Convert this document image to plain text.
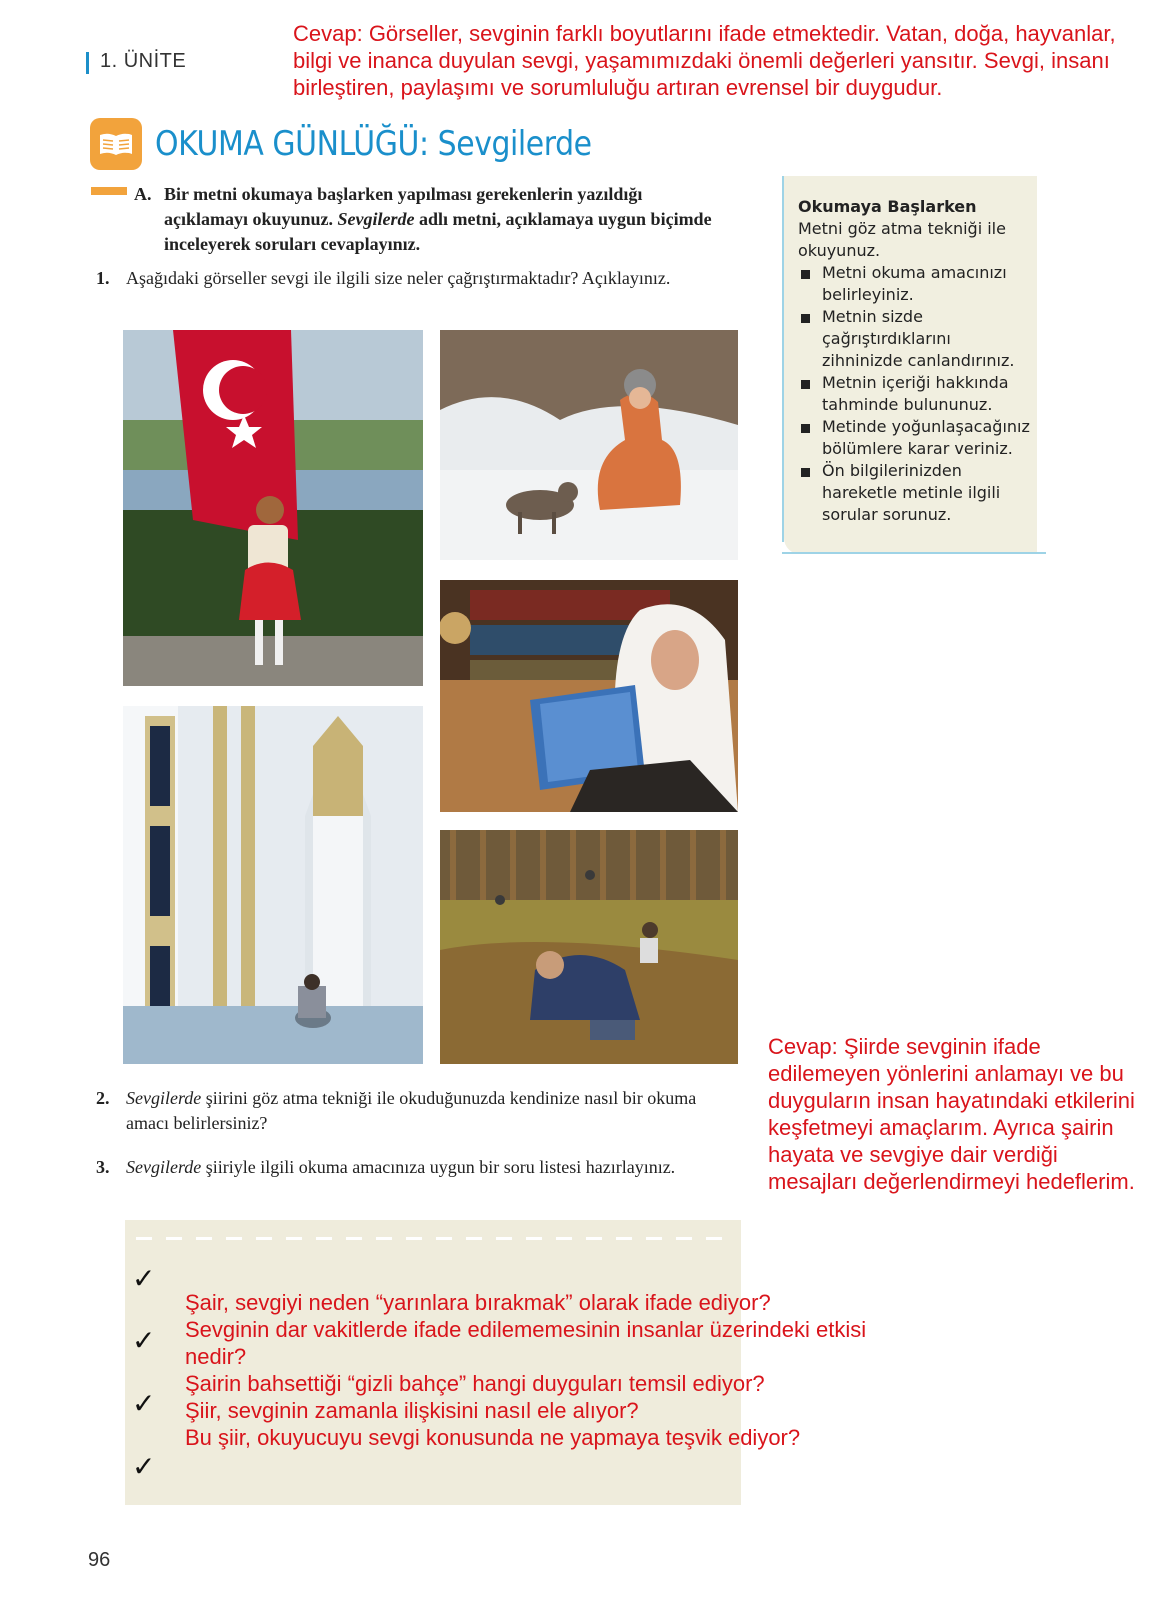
1. ÜNİTE
Cevap: Görseller, sevginin farklı boyutlarını ifade etmektedir. Vatan, doğa, hayvanlar, bilgi ve inanca duyulan sevgi, yaşamımızdaki önemli değerleri yansıtır. Sevgi, insanı birleştiren, paylaşımı ve sorumluluğu artıran evrensel bir duygudur.
OKUMA GÜNLÜĞÜ: Sevgilerde
A. Bir metni okumaya başlarken yapılması gerekenlerin yazıldığı açıklamayı okuyunuz. Sevgilerde adlı metni, açıklamaya uygun biçimde inceleyerek soruları cevaplayınız.
1. Aşağıdaki görseller sevgi ile ilgili size neler çağrıştırmaktadır? Açıklayınız.
Okumaya Başlarken
Metni göz atma tekniği ile okuyunuz.
Metni okuma amacınızı belirleyiniz.
Metnin sizde çağrıştırdıklarını zihninizde canlandırınız.
Metnin içeriği hakkında tahminde bulununuz.
Metinde yoğunlaşacağınız bölümlere karar veriniz.
Ön bilgilerinizden hareketle metinle ilgili sorular sorunuz.
2. Sevgilerde şiirini göz atma tekniği ile okuduğunuzda kendinize nasıl bir okuma amacı belirlersiniz?
Cevap: Şiirde sevginin ifade edilemeyen yönlerini anlamayı ve bu duyguların insan hayatındaki etkilerini keşfetmeyi amaçlarım. Ayrıca şairin hayata ve sevgiye dair verdiği mesajları değerlendirmeyi hedeflerim.
3. Sevgilerde şiiriyle ilgili okuma amacınıza uygun bir soru listesi hazırlayınız.
✓
✓
✓
✓
Şair, sevgiyi neden “yarınlara bırakmak” olarak ifade ediyor?
Sevginin dar vakitlerde ifade edilememesinin insanlar üzerindeki etkisi nedir?
Şairin bahsettiği “gizli bahçe” hangi duyguları temsil ediyor?
Şiir, sevginin zamanla ilişkisini nasıl ele alıyor?
Bu şiir, okuyucuyu sevgi konusunda ne yapmaya teşvik ediyor?
96
